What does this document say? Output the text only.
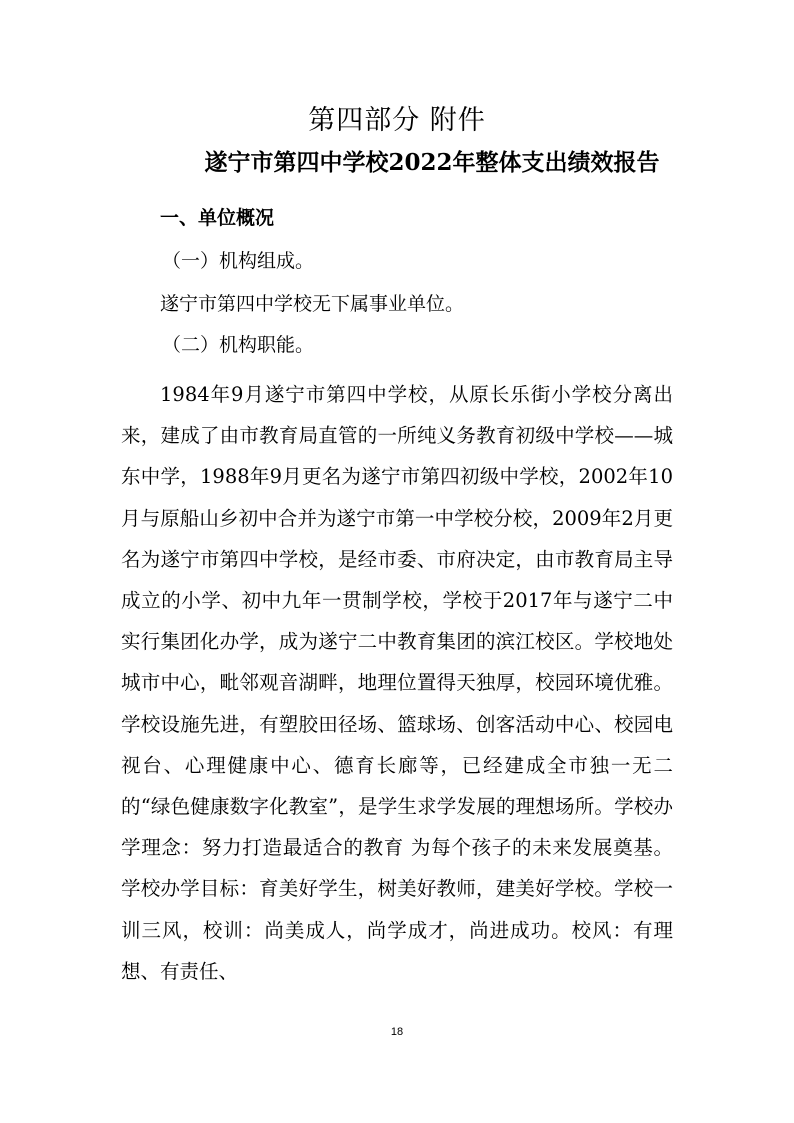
第四部分 附件
遂宁市第四中学校2022年整体支出绩效报告
一、单位概况
（一）机构组成。
遂宁市第四中学校无下属事业单位。
（二）机构职能。
1984年9月遂宁市第四中学校，从原长乐街小学校分离出来，建成了由市教育局直管的一所纯义务教育初级中学校——城东中学，1988年9月更名为遂宁市第四初级中学校，2002年10月与原船山乡初中合并为遂宁市第一中学校分校，2009年2月更名为遂宁市第四中学校，是经市委、市府决定，由市教育局主导成立的小学、初中九年一贯制学校，学校于2017年与遂宁二中实行集团化办学，成为遂宁二中教育集团的滨江校区。学校地处城市中心，毗邻观音湖畔，地理位置得天独厚，校园环境优雅。学校设施先进，有塑胶田径场、篮球场、创客活动中心、校园电视台、心理健康中心、德育长廊等，已经建成全市独一无二的“绿色健康数字化教室”，是学生求学发展的理想场所。学校办学理念：努力打造最适合的教育 为每个孩子的未来发展奠基。学校办学目标：育美好学生，树美好教师，建美好学校。学校一训三风，校训：尚美成人，尚学成才，尚进成功。校风：有理想、有责任、
18
